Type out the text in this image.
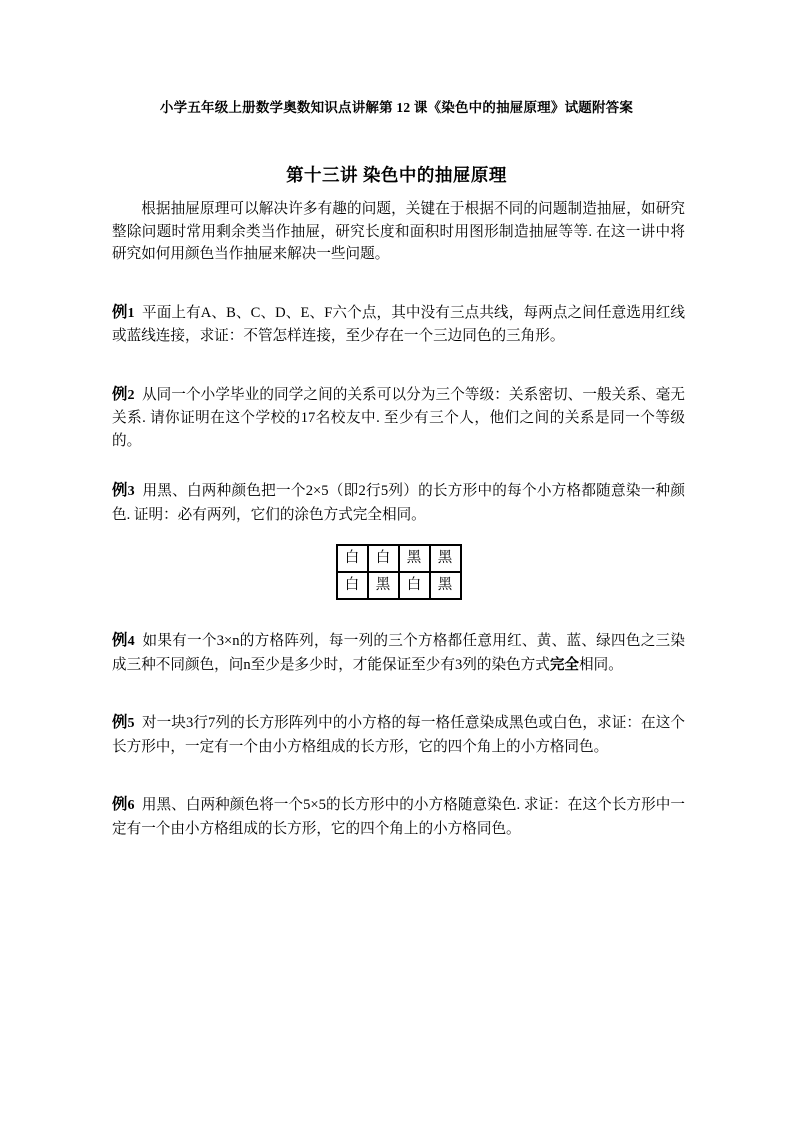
小学五年级上册数学奥数知识点讲解第 12 课《染色中的抽屉原理》试题附答案
第十三讲 染色中的抽屉原理

根据抽屉原理可以解决许多有趣的问题，关键在于根据不同的问题制造抽屉，如研究整除问题时常用剩余类当作抽屉，研究长度和面积时用图形制造抽屉等等. 在这一讲中将研究如何用颜色当作抽屉来解决一些问题。

例1 平面上有A、B、C、D、E、F六个点，其中没有三点共线，每两点之间任意选用红线或蓝线连接，求证：不管怎样连接，至少存在一个三边同色的三角形。

例2 从同一个小学毕业的同学之间的关系可以分为三个等级：关系密切、一般关系、毫无关系. 请你证明在这个学校的17名校友中. 至少有三个人，他们之间的关系是同一个等级的。

例3 用黑、白两种颜色把一个2×5（即2行5列）的长方形中的每个小方格都随意染一种颜色. 证明：必有两列，它们的涂色方式完全相同。

白	白	黑	黑
白	黑	白	黑

例4 如果有一个3×n的方格阵列，每一列的三个方格都任意用红、黄、蓝、绿四色之三染成三种不同颜色，问n至少是多少时，才能保证至少有3列的染色方式完全相同。

例5 对一块3行7列的长方形阵列中的小方格的每一格任意染成黑色或白色，求证：在这个长方形中，一定有一个由小方格组成的长方形，它的四个角上的小方格同色。

例6 用黑、白两种颜色将一个5×5的长方形中的小方格随意染色. 求证：在这个长方形中一定有一个由小方格组成的长方形，它的四个角上的小方格同色。
